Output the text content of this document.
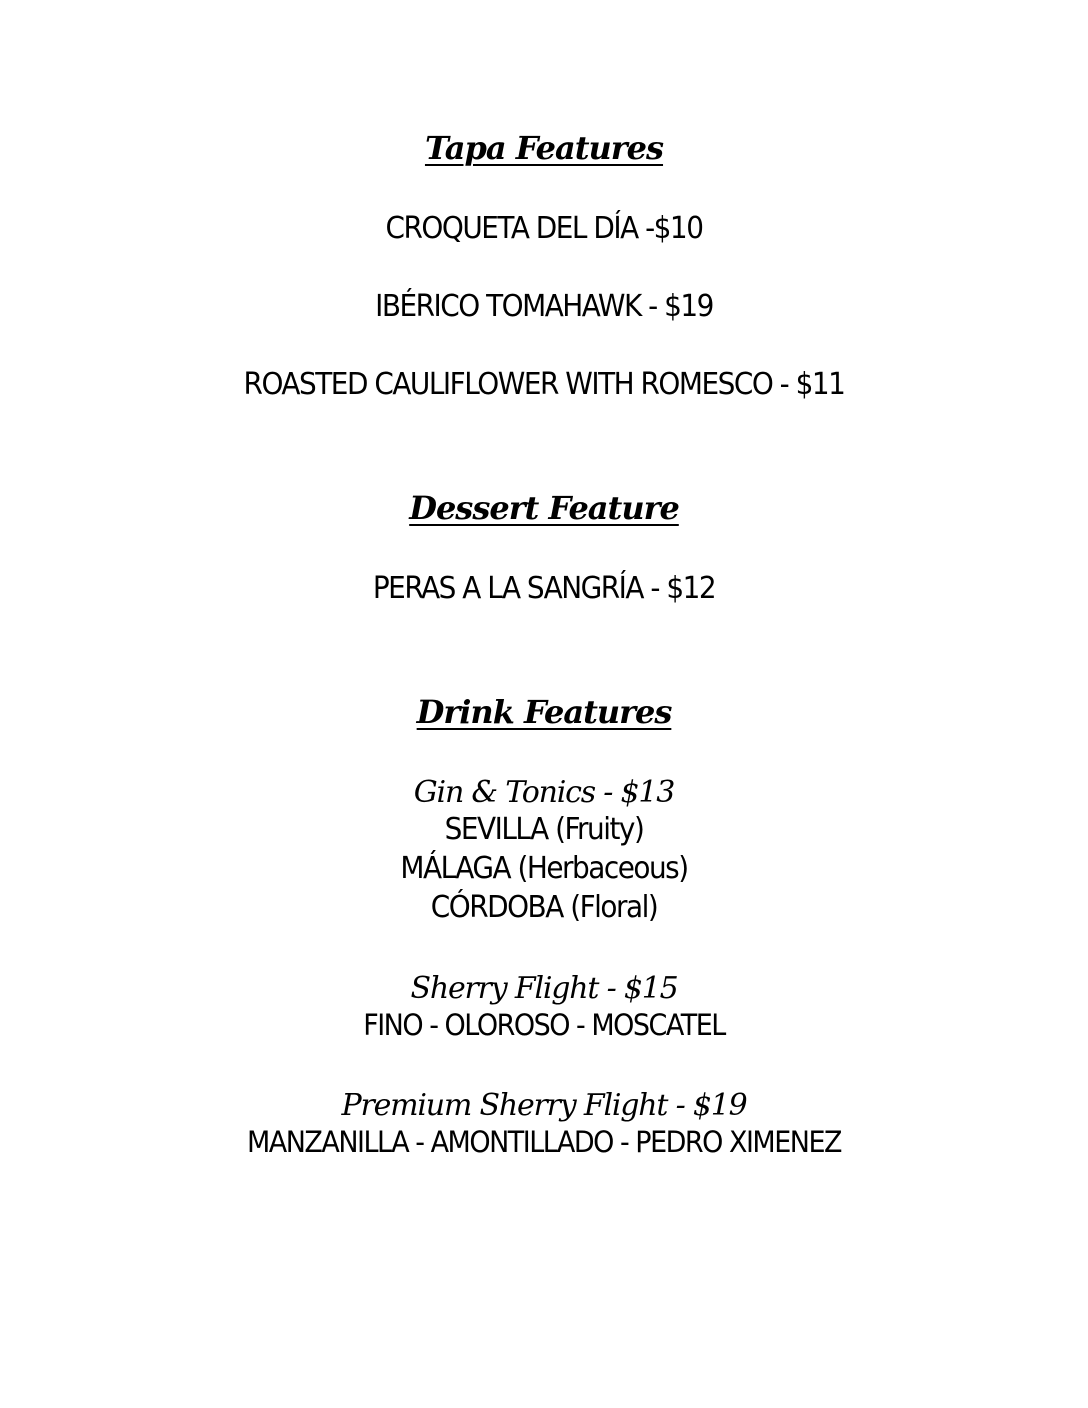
Tapa Features
CROQUETA DEL DÍA -$10
IBÉRICO TOMAHAWK - $19
ROASTED CAULIFLOWER WITH ROMESCO - $11
Dessert Feature
PERAS A LA SANGRÍA - $12
Drink Features
Gin & Tonics - $13
SEVILLA (Fruity)
MÁLAGA (Herbaceous)
CÓRDOBA (Floral)
Sherry Flight - $15
FINO - OLOROSO - MOSCATEL
Premium Sherry Flight - $19
MANZANILLA - AMONTILLADO - PEDRO XIMENEZ
